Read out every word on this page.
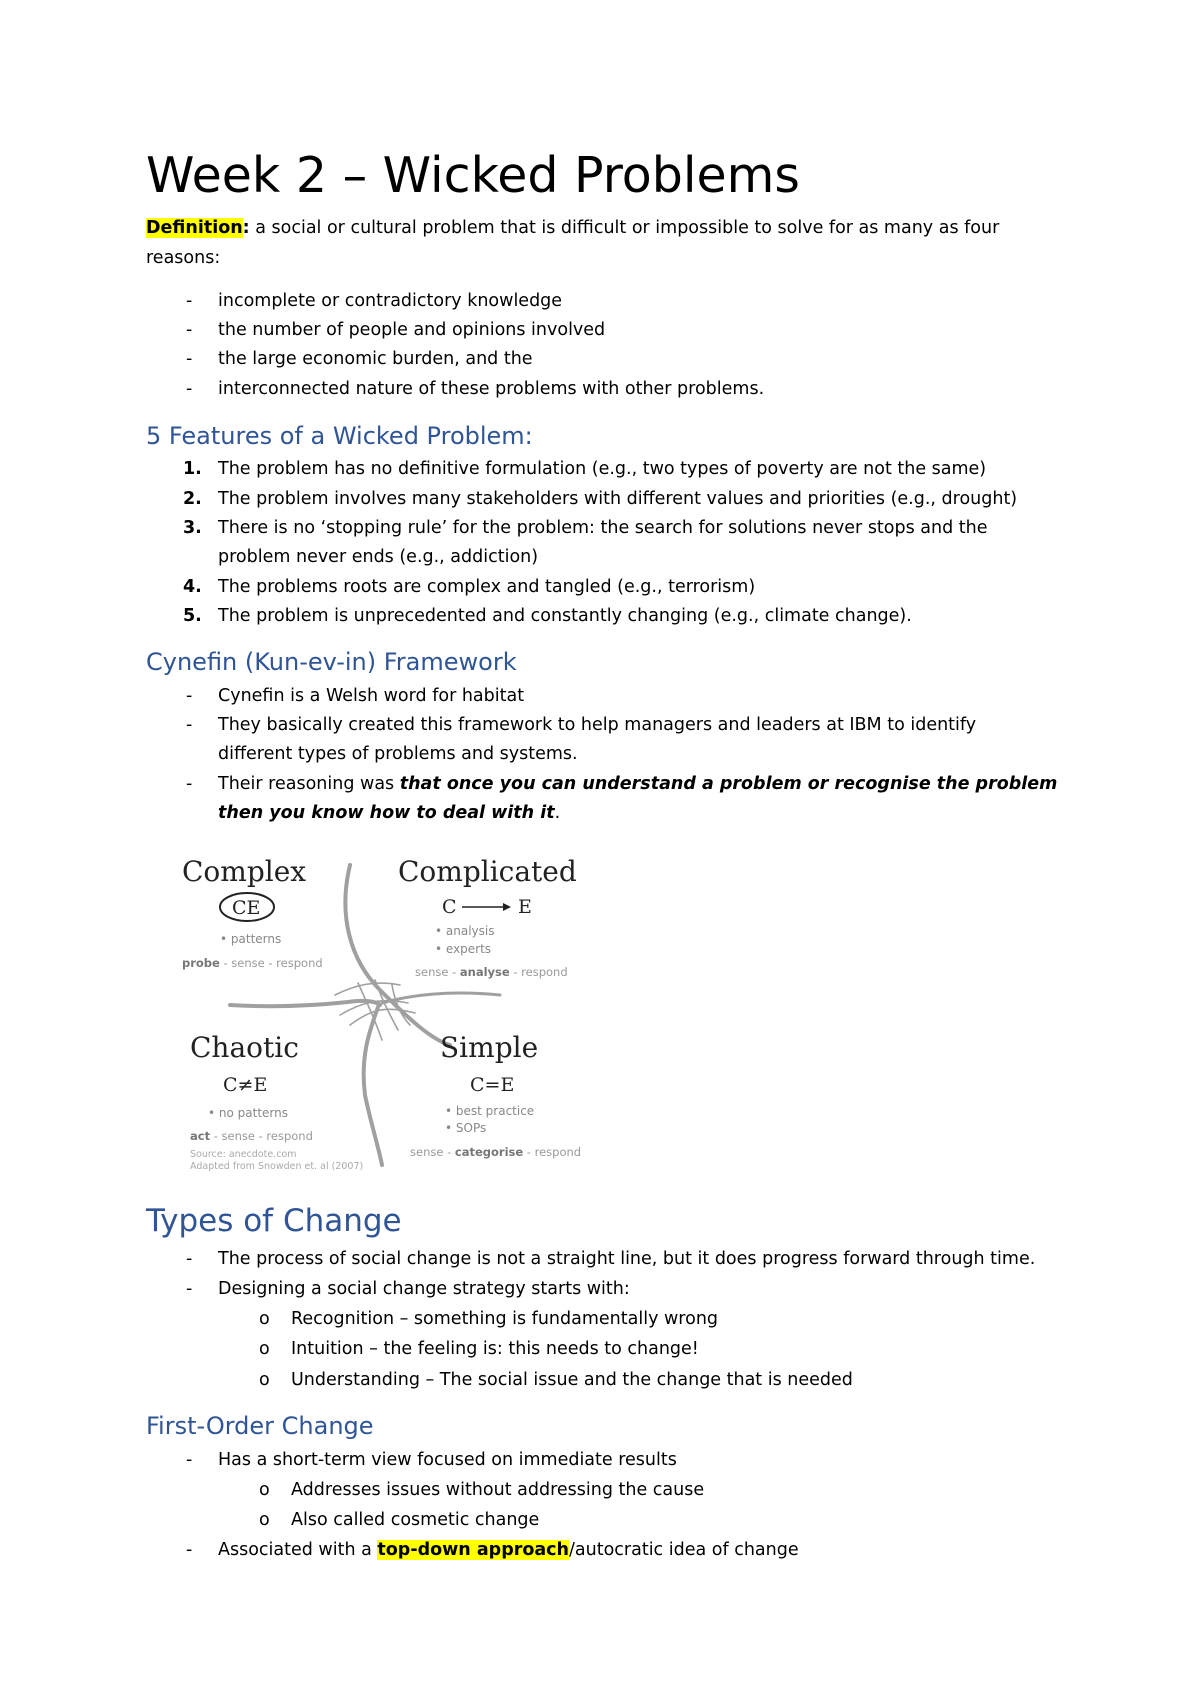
Week 2 – Wicked Problems
Definition: a social or cultural problem that is difficult or impossible to solve for as many as four
reasons:
- incomplete or contradictory knowledge
- the number of people and opinions involved
- the large economic burden, and the
- interconnected nature of these problems with other problems.
5 Features of a Wicked Problem:
1. The problem has no definitive formulation (e.g., two types of poverty are not the same)
2. The problem involves many stakeholders with different values and priorities (e.g., drought)
3. There is no ‘stopping rule’ for the problem: the search for solutions never stops and the
problem never ends (e.g., addiction)
4. The problems roots are complex and tangled (e.g., terrorism)
5. The problem is unprecedented and constantly changing (e.g., climate change).
Cynefin (Kun-ev-in) Framework
- Cynefin is a Welsh word for habitat
- They basically created this framework to help managers and leaders at IBM to identify
different types of problems and systems.
- Their reasoning was that once you can understand a problem or recognise the problem
then you know how to deal with it.
Complex
CE
• patterns
probe - sense - respond
Complicated
C	E
• analysis
• experts
sense - analyse - respond
Chaotic
C≠E
• no patterns
act - sense - respond
Source: anecdote.com
Adapted from Snowden et. al (2007)
Simple
C=E
• best practice
• SOPs
sense - categorise - respond
Types of Change
- The process of social change is not a straight line, but it does progress forward through time.
- Designing a social change strategy starts with:
o Recognition – something is fundamentally wrong
o Intuition – the feeling is: this needs to change!
o Understanding – The social issue and the change that is needed
First-Order Change
- Has a short-term view focused on immediate results
o Addresses issues without addressing the cause
o Also called cosmetic change
- Associated with a top-down approach/autocratic idea of change
